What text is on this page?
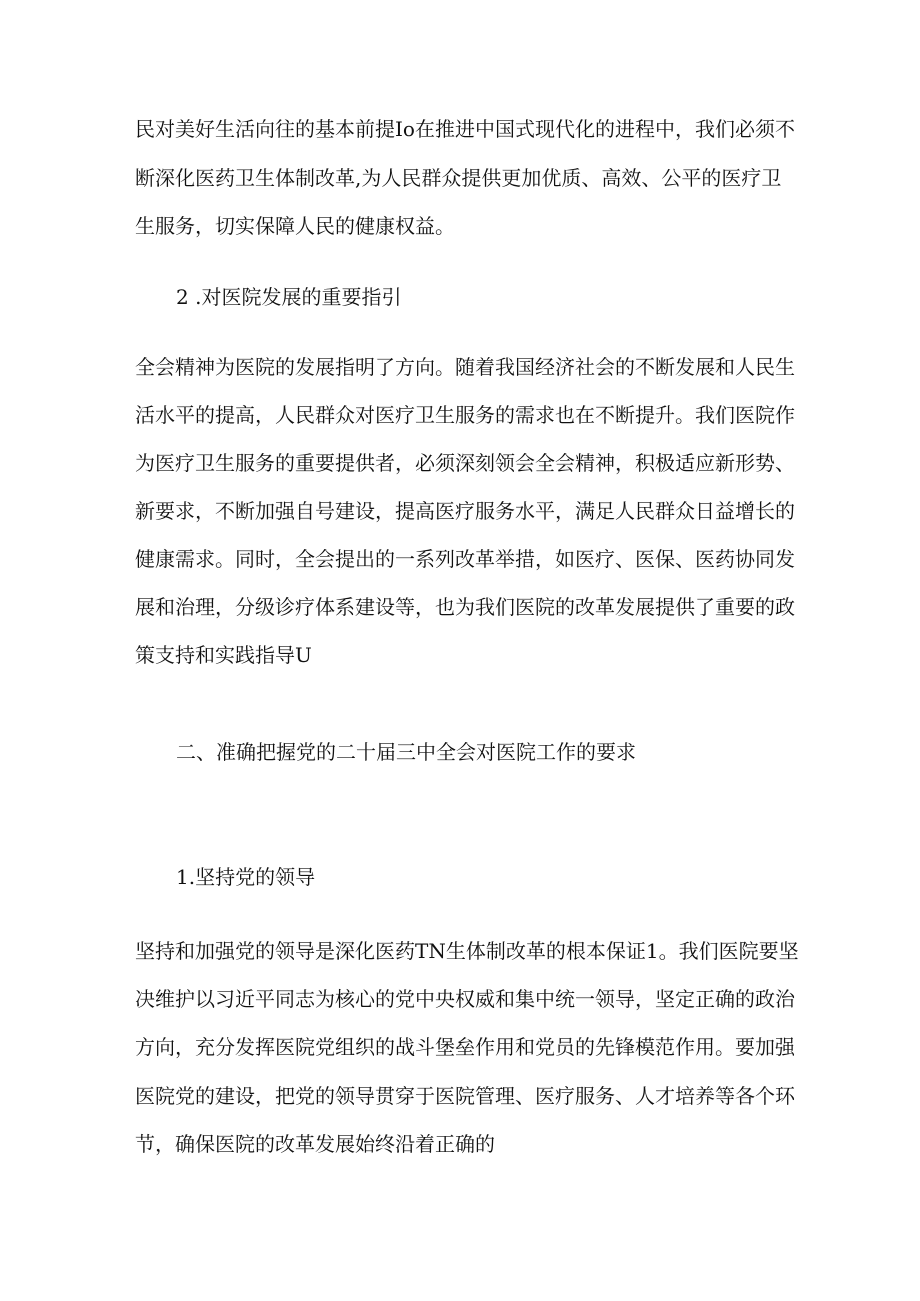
民对美好生活向往的基本前提Io在推进中国式现代化的进程中，我们必须不
断深化医药卫生体制改革,为人民群众提供更加优质、高效、公平的医疗卫
生服务，切实保障人民的健康权益。
2 .对医院发展的重要指引
全会精神为医院的发展指明了方向。随着我国经济社会的不断发展和人民生
活水平的提高，人民群众对医疗卫生服务的需求也在不断提升。我们医院作
为医疗卫生服务的重要提供者，必须深刻领会全会精神，积极适应新形势、
新要求，不断加强自号建设，提高医疗服务水平，满足人民群众日益增长的
健康需求。同时，全会提出的一系列改革举措，如医疗、医保、医药协同发
展和治理，分级诊疗体系建设等，也为我们医院的改革发展提供了重要的政
策支持和实践指导U
二、准确把握党的二十届三中全会对医院工作的要求
1.坚持党的领导
坚持和加强党的领导是深化医药TN生体制改革的根本保证1。我们医院要坚
决维护以习近平同志为核心的党中央权威和集中统一领导，坚定正确的政治
方向，充分发挥医院党组织的战斗堡垒作用和党员的先锋模范作用。要加强
医院党的建设，把党的领导贯穿于医院管理、医疗服务、人才培养等各个环
节，确保医院的改革发展始终沿着正确的
